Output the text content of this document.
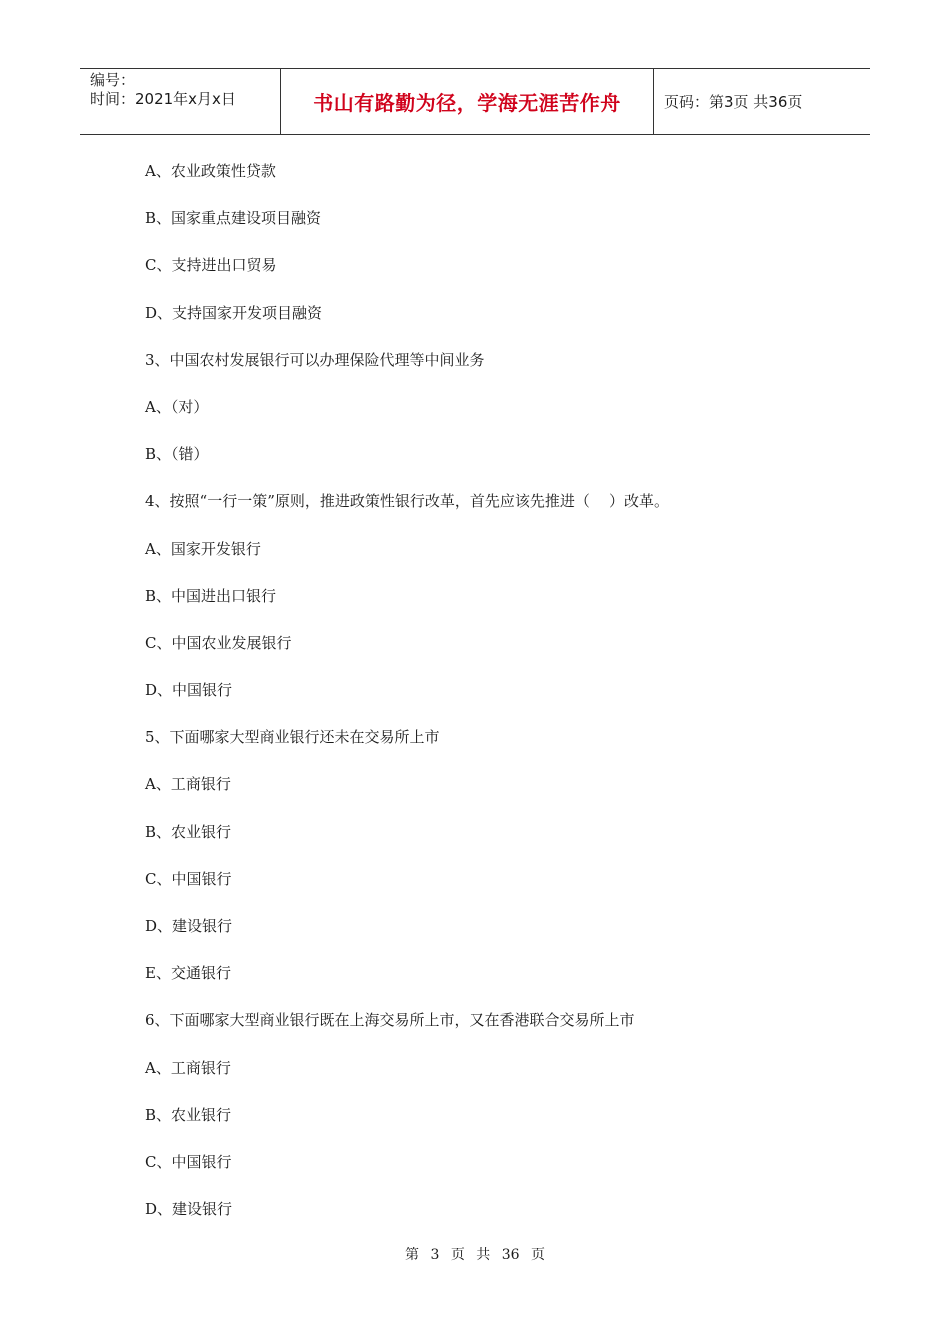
编号：
时间：2021年x月x日	书山有路勤为径，学海无涯苦作舟	页码：第3页 共36页
A、农业政策性贷款
B、国家重点建设项目融资
C、支持进出口贸易
D、支持国家开发项目融资
3、中国农村发展银行可以办理保险代理等中间业务
A、（对）
B、（错）
4、按照“一行一策”原则，推进政策性银行改革，首先应该先推进（    ）改革。
A、国家开发银行
B、中国进出口银行
C、中国农业发展银行
D、中国银行
5、下面哪家大型商业银行还未在交易所上市
A、工商银行
B、农业银行
C、中国银行
D、建设银行
E、交通银行
6、下面哪家大型商业银行既在上海交易所上市，又在香港联合交易所上市
A、工商银行
B、农业银行
C、中国银行
D、建设银行
第 3 页 共 36 页
